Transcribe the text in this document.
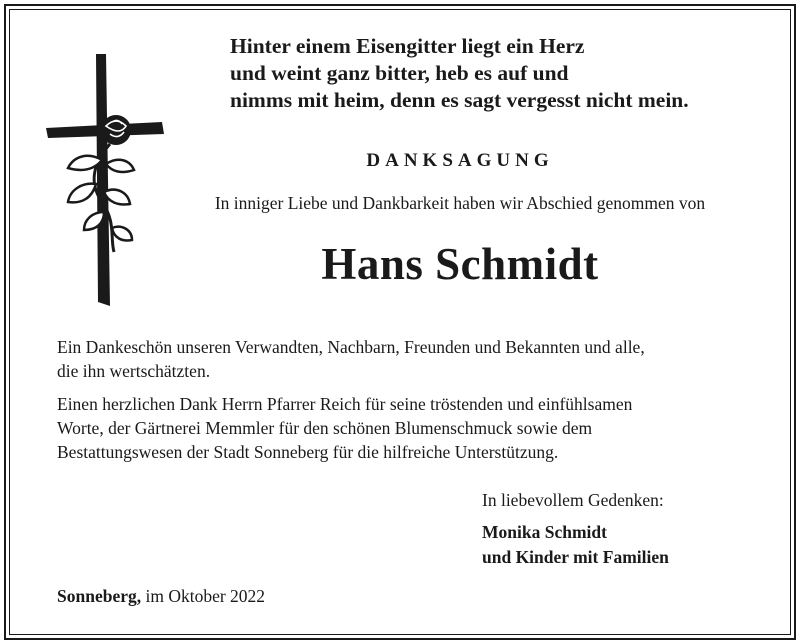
Hinter einem Eisengitter liegt ein Herz
und weint ganz bitter, heb es auf und
nimms mit heim, denn es sagt vergesst nicht mein.
DANKSAGUNG
In inniger Liebe und Dankbarkeit haben wir Abschied genommen von
Hans Schmidt
Ein Dankeschön unseren Verwandten, Nachbarn, Freunden und Bekannten und alle,
die ihn wertschätzten.
Einen herzlichen Dank Herrn Pfarrer Reich für seine tröstenden und einfühlsamen
Worte, der Gärtnerei Memmler für den schönen Blumenschmuck sowie dem
Bestattungswesen der Stadt Sonneberg für die hilfreiche Unterstützung.
In liebevollem Gedenken:
Monika Schmidt
und Kinder mit Familien
Sonneberg, im Oktober 2022
